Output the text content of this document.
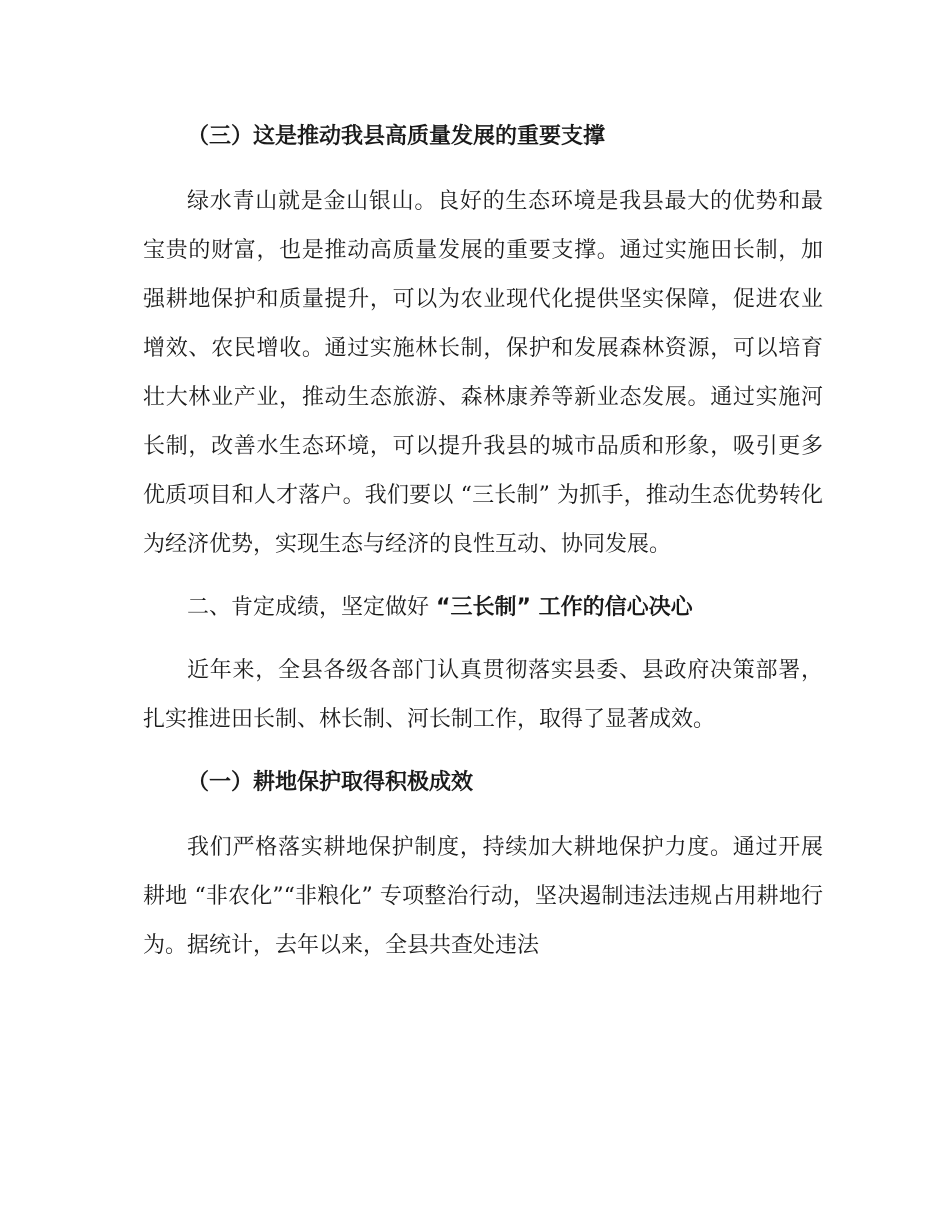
（三）这是推动我县高质量发展的重要支撑
绿水青山就是金山银山。良好的生态环境是我县最大的优势和最宝贵的财富，也是推动高质量发展的重要支撑。通过实施田长制，加强耕地保护和质量提升，可以为农业现代化提供坚实保障，促进农业增效、农民增收。通过实施林长制，保护和发展森林资源，可以培育壮大林业产业，推动生态旅游、森林康养等新业态发展。通过实施河长制，改善水生态环境，可以提升我县的城市品质和形象，吸引更多优质项目和人才落户。我们要以 “三长制” 为抓手，推动生态优势转化为经济优势，实现生态与经济的良性互动、协同发展。
二、肯定成绩，坚定做好 “三长制” 工作的信心决心
近年来，全县各级各部门认真贯彻落实县委、县政府决策部署，扎实推进田长制、林长制、河长制工作，取得了显著成效。
（一）耕地保护取得积极成效
我们严格落实耕地保护制度，持续加大耕地保护力度。通过开展耕地 “非农化”“非粮化” 专项整治行动，坚决遏制违法违规占用耕地行为。据统计，去年以来，全县共查处违法
